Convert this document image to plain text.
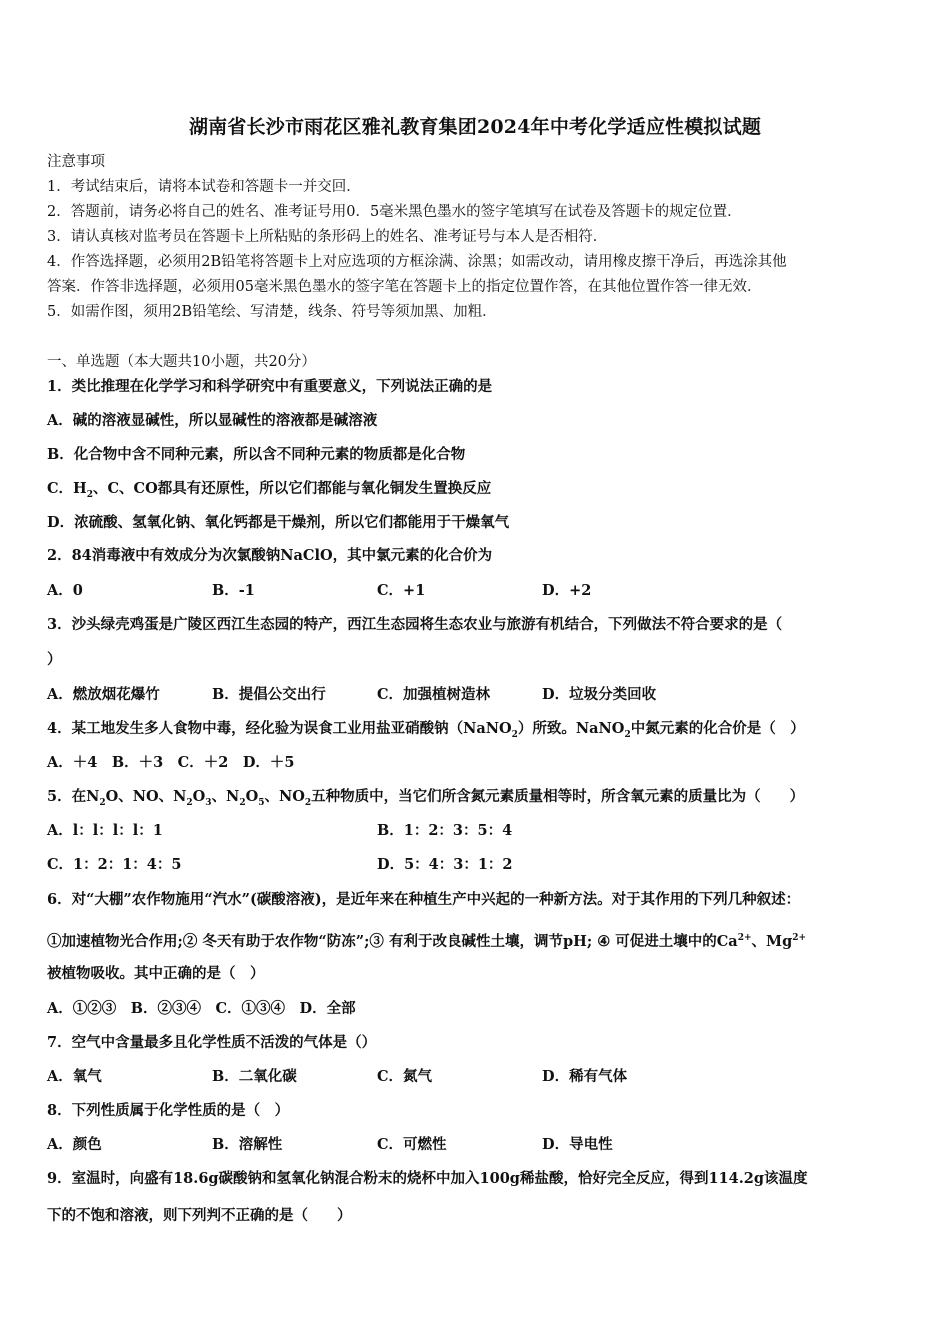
湖南省长沙市雨花区雅礼教育集团2024年中考化学适应性模拟试题
注意事项
1．考试结束后，请将本试卷和答题卡一并交回．
2．答题前，请务必将自己的姓名、准考证号用0．5毫米黑色墨水的签字笔填写在试卷及答题卡的规定位置．
3．请认真核对监考员在答题卡上所粘贴的条形码上的姓名、准考证号与本人是否相符．
4．作答选择题，必须用2B铅笔将答题卡上对应选项的方框涂满、涂黑；如需改动，请用橡皮擦干净后，再选涂其他
答案．作答非选择题，必须用05毫米黑色墨水的签字笔在答题卡上的指定位置作答，在其他位置作答一律无效．
5．如需作图，须用2B铅笔绘、写清楚，线条、符号等须加黑、加粗．
一、单选题（本大题共10小题，共20分）
1．类比推理在化学学习和科学研究中有重要意义，下列说法正确的是
A．碱的溶液显碱性，所以显碱性的溶液都是碱溶液
B．化合物中含不同种元素，所以含不同种元素的物质都是化合物
C．$H_2$、C、CO都具有还原性，所以它们都能与氧化铜发生置换反应
D．浓硫酸、氢氧化钠、氧化钙都是干燥剂，所以它们都能用于干燥氧气
2．84消毒液中有效成分为次氯酸钠NaClO，其中氯元素的化合价为
A．0	B．-1	C．+1	D．+2
3．沙头绿壳鸡蛋是广陵区西江生态园的特产，西江生态园将生态农业与旅游有机结合，下列做法不符合要求的是（
）
A．燃放烟花爆竹	B．提倡公交出行	C．加强植树造林	D．垃圾分类回收
4．某工地发生多人食物中毒，经化验为误食工业用盐亚硝酸钠（NaNO$_2$）所致。NaNO$_2$中氮元素的化合价是（　）
A．＋4　B．＋3　C．＋2　D．＋5
5．在$N_2O$、NO、$N_2O_3$、$N_2O_5$、$NO_2$五种物质中，当它们所含氮元素质量相等时，所含氧元素的质量比为（　　）
A．l：l：l：l：1	B．1：2：3：5：4
C．1：2：1：4：5	D．5：4：3：1：2
6．对“大棚”农作物施用“汽水”(碳酸溶液)，是近年来在种植生产中兴起的一种新方法。对于其作用的下列几种叙述：
①加速植物光合作用;② 冬天有助于农作物“防冻”;③ 有利于改良碱性土壤，调节pH; ④ 可促进土壤中的$Ca^{2+}$、$Mg^{2+}$
被植物吸收。其中正确的是（　）
A．①②③　B．②③④　C．①③④　D．全部
7．空气中含量最多且化学性质不活泼的气体是（）
A．氧气	B．二氧化碳	C．氮气	D．稀有气体
8．下列性质属于化学性质的是（　）
A．颜色	B．溶解性	C．可燃性	D．导电性
9．室温时，向盛有18.6g碳酸钠和氢氧化钠混合粉末的烧杯中加入100g稀盐酸，恰好完全反应，得到114.2g该温度
下的不饱和溶液，则下列判不正确的是（　　）
